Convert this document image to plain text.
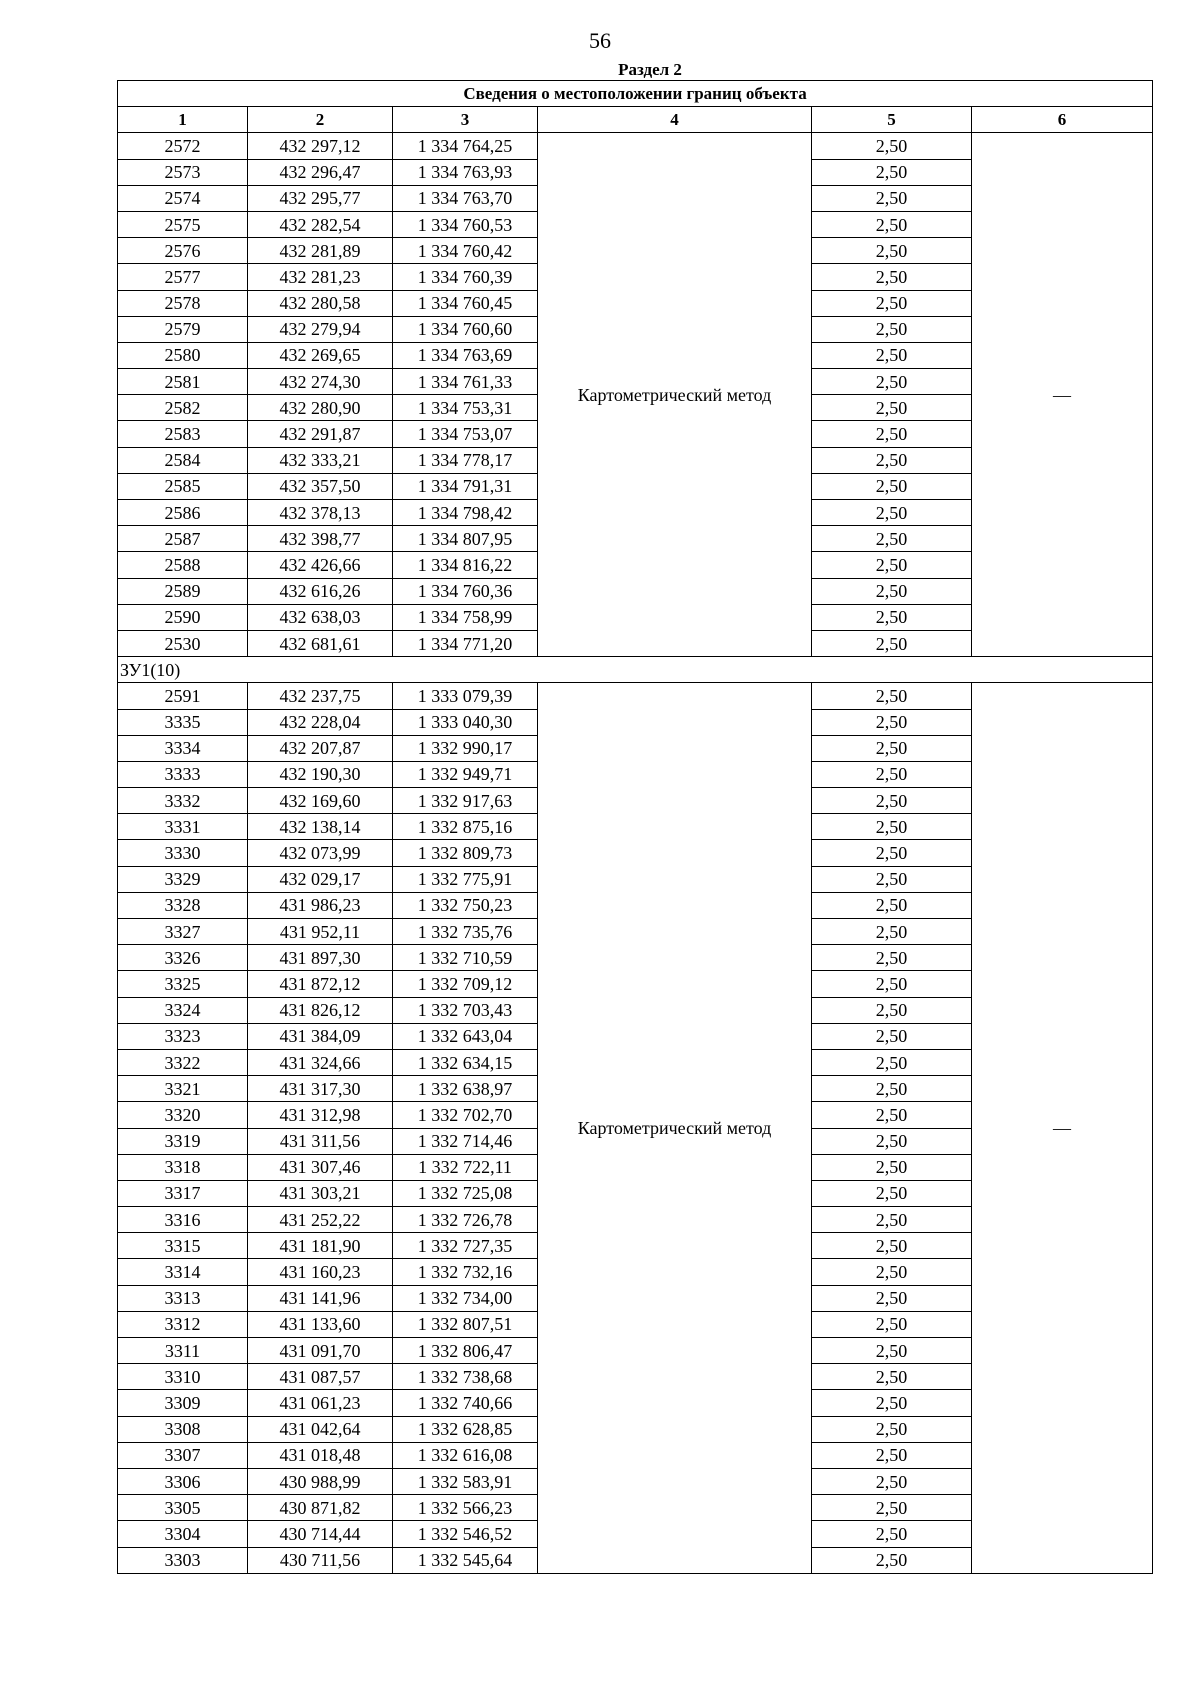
56
Раздел 2
Сведения о местоположении границ объекта					
1	2	3	4	5	6
2572	432 297,12	1 334 764,25	Картометрический метод	2,50	—
2573	432 296,47	1 334 763,93		2,50	
2574	432 295,77	1 334 763,70		2,50	
2575	432 282,54	1 334 760,53		2,50	
2576	432 281,89	1 334 760,42		2,50	
2577	432 281,23	1 334 760,39		2,50	
2578	432 280,58	1 334 760,45		2,50	
2579	432 279,94	1 334 760,60		2,50	
2580	432 269,65	1 334 763,69		2,50	
2581	432 274,30	1 334 761,33		2,50	
2582	432 280,90	1 334 753,31		2,50	
2583	432 291,87	1 334 753,07		2,50	
2584	432 333,21	1 334 778,17		2,50	
2585	432 357,50	1 334 791,31		2,50	
2586	432 378,13	1 334 798,42		2,50	
2587	432 398,77	1 334 807,95		2,50	
2588	432 426,66	1 334 816,22		2,50	
2589	432 616,26	1 334 760,36		2,50	
2590	432 638,03	1 334 758,99		2,50	
2530	432 681,61	1 334 771,20		2,50	
ЗУ1(10)					
2591	432 237,75	1 333 079,39	Картометрический метод	2,50	—
3335	432 228,04	1 333 040,30		2,50	
3334	432 207,87	1 332 990,17		2,50	
3333	432 190,30	1 332 949,71		2,50	
3332	432 169,60	1 332 917,63		2,50	
3331	432 138,14	1 332 875,16		2,50	
3330	432 073,99	1 332 809,73		2,50	
3329	432 029,17	1 332 775,91		2,50	
3328	431 986,23	1 332 750,23		2,50	
3327	431 952,11	1 332 735,76		2,50	
3326	431 897,30	1 332 710,59		2,50	
3325	431 872,12	1 332 709,12		2,50	
3324	431 826,12	1 332 703,43		2,50	
3323	431 384,09	1 332 643,04		2,50	
3322	431 324,66	1 332 634,15		2,50	
3321	431 317,30	1 332 638,97		2,50	
3320	431 312,98	1 332 702,70		2,50	
3319	431 311,56	1 332 714,46		2,50	
3318	431 307,46	1 332 722,11		2,50	
3317	431 303,21	1 332 725,08		2,50	
3316	431 252,22	1 332 726,78		2,50	
3315	431 181,90	1 332 727,35		2,50	
3314	431 160,23	1 332 732,16		2,50	
3313	431 141,96	1 332 734,00		2,50	
3312	431 133,60	1 332 807,51		2,50	
3311	431 091,70	1 332 806,47		2,50	
3310	431 087,57	1 332 738,68		2,50	
3309	431 061,23	1 332 740,66		2,50	
3308	431 042,64	1 332 628,85		2,50	
3307	431 018,48	1 332 616,08		2,50	
3306	430 988,99	1 332 583,91		2,50	
3305	430 871,82	1 332 566,23		2,50	
3304	430 714,44	1 332 546,52		2,50	
3303	430 711,56	1 332 545,64		2,50	
